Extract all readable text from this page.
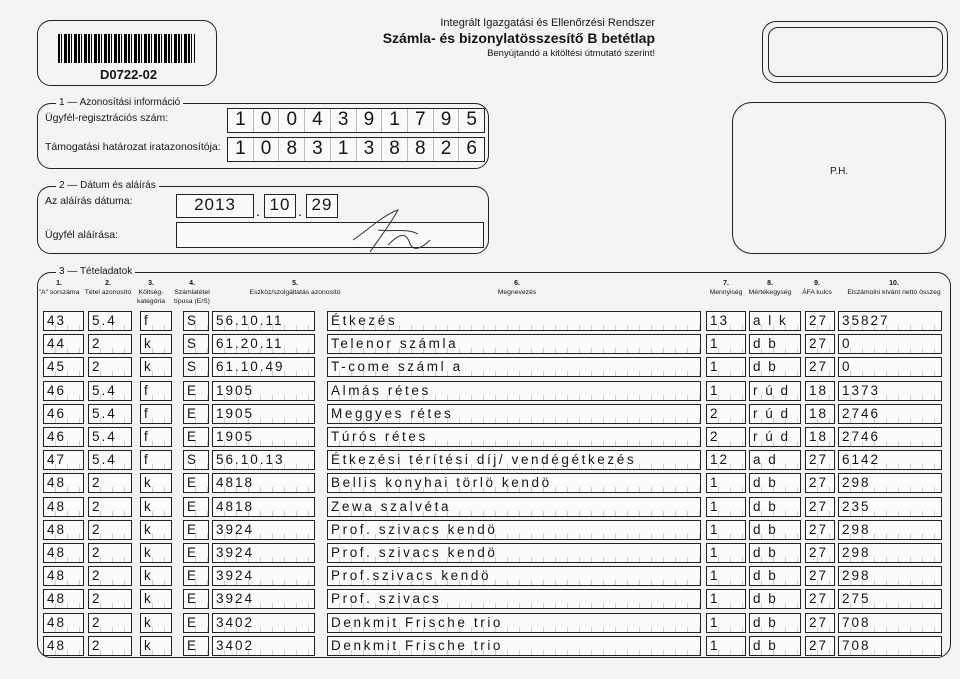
D0722-02
Integrált Igazgatási és Ellenőrzési Rendszer
Számla- és bizonylatösszesítő B betétlap
Benyújtandó a kitöltési útmutató szerint!
1 — Azonosítási információ
Ügyfél-regisztrációs szám:	1 0 0 4 3 9 1 7 9 5
Támogatási határozat iratazonosítója: 1 0 8 3 1 3 8 8 2 6
2 — Dátum és aláírás
Az aláírás dátuma:	2013	. 10 . 29
Ügyfél aláírása:
P.H.
3 — Tételadatok
1.
"A" sorszáma
2.
Tétel azonosító
3.
Költség-kategória
4.
Számlatétel típusa (E/S)
5.
Eszköz/szolgáltatás azonosító
6.
Megnevezés
7.
Mennyiség
8.
Mértékegység
9.
ÁFA kulcs
10.
Elszámolni kívánt nettó összeg
43	5.4	f	S	56.10.11	Étkezés	13	a l k	27	35827
44	2	k	S	61.20.11	Telenor számla	1	d b	27	0
45	2	k	S	61.10.49	T-come száml a	1	d b	27	0
46	5.4	f	E	1905	Almás rétes	1	r ú d	18	1373
46	5.4	f	E	1905	Meggyes rétes	2	r ú d	18	2746
46	5.4	f	E	1905	Túrós rétes	2	r ú d	18	2746
47	5.4	f	S	56.10.13	Étkezési térítési díj/ vendégétkezés	12	a d	27	6142
48	2	k	E	4818	Bellis konyhai törlö kendö	1	d b	27	298
48	2	k	E	4818	Zewa szalvéta	1	d b	27	235
48	2	k	E	3924	Prof. szivacs kendö	1	d b	27	298
48	2	k	E	3924	Prof. szivacs kendö	1	d b	27	298
48	2	k	E	3924	Prof.szivacs kendö	1	d b	27	298
48	2	k	E	3924	Prof. szivacs	1	d b	27	275
48	2	k	E	3402	Denkmit Frische trio	1	d b	27	708
48	2	k	E	3402	Denkmit Frische trio	1	d b	27	708
